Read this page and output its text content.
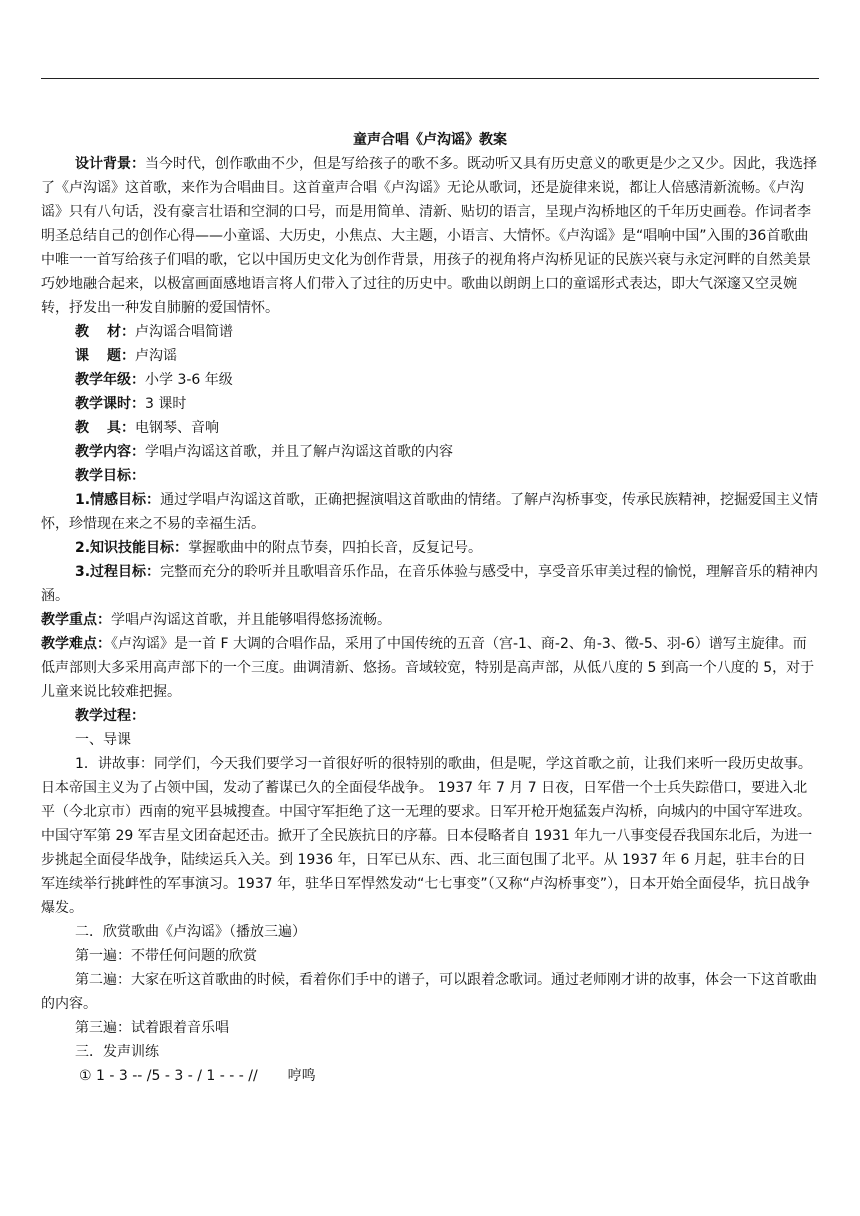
童声合唱《卢沟谣》教案

设计背景：当今时代，创作歌曲不少，但是写给孩子的歌不多。既动听又具有历史意义的歌更是少之又少。因此，我选择了《卢沟谣》这首歌，来作为合唱曲目。这首童声合唱《卢沟谣》无论从歌词，还是旋律来说，都让人倍感清新流畅。《卢沟谣》只有八句话，没有豪言壮语和空洞的口号，而是用简单、清新、贴切的语言，呈现卢沟桥地区的千年历史画卷。作词者李明圣总结自己的创作心得——小童谣、大历史，小焦点、大主题，小语言、大情怀。《卢沟谣》是“唱响中国”入围的36首歌曲中唯一一首写给孩子们唱的歌，它以中国历史文化为创作背景，用孩子的视角将卢沟桥见证的民族兴衰与永定河畔的自然美景巧妙地融合起来，以极富画面感地语言将人们带入了过往的历史中。歌曲以朗朗上口的童谣形式表达，即大气深邃又空灵婉转，抒发出一种发自肺腑的爱国情怀。

教 材：卢沟谣合唱简谱

课 题：卢沟谣

教学年级：小学 3-6 年级

教学课时：3 课时

教 具：电钢琴、音响

教学内容：学唱卢沟谣这首歌，并且了解卢沟谣这首歌的内容

教学目标：

1.情感目标：通过学唱卢沟谣这首歌，正确把握演唱这首歌曲的情绪。了解卢沟桥事变，传承民族精神，挖掘爱国主义情怀，珍惜现在来之不易的幸福生活。

2.知识技能目标：掌握歌曲中的附点节奏，四拍长音，反复记号。

3.过程目标：完整而充分的聆听并且歌唱音乐作品，在音乐体验与感受中，享受音乐审美过程的愉悦，理解音乐的精神内涵。

教学重点：学唱卢沟谣这首歌，并且能够唱得悠扬流畅。

教学难点：《卢沟谣》是一首 F 大调的合唱作品，采用了中国传统的五音（宫-1、商-2、角-3、徵-5、羽-6）谱写主旋律。而低声部则大多采用高声部下的一个三度。曲调清新、悠扬。音域较宽，特别是高声部，从低八度的 5 到高一个八度的 5，对于儿童来说比较难把握。

教学过程：

一、导课

1．讲故事：同学们，今天我们要学习一首很好听的很特别的歌曲，但是呢，学这首歌之前，让我们来听一段历史故事。日本帝国主义为了占领中国，发动了蓄谋已久的全面侵华战争。 1937 年 7 月 7 日夜，日军借一个士兵失踪借口，要进入北平（今北京市）西南的宛平县城搜查。中国守军拒绝了这一无理的要求。日军开枪开炮猛轰卢沟桥，向城内的中国守军进攻。中国守军第 29 军吉星文团奋起还击。掀开了全民族抗日的序幕。日本侵略者自 1931 年九一八事变侵吞我国东北后，为进一步挑起全面侵华战争，陆续运兵入关。到 1936 年，日军已从东、西、北三面包围了北平。从 1937 年 6 月起，驻丰台的日军连续举行挑衅性的军事演习。1937 年，驻华日军悍然发动“七七事变”（又称“卢沟桥事变”），日本开始全面侵华，抗日战争爆发。

二．欣赏歌曲《卢沟谣》（播放三遍）

第一遍：不带任何问题的欣赏

第二遍：大家在听这首歌曲的时候，看着你们手中的谱子，可以跟着念歌词。通过老师刚才讲的故事，体会一下这首歌曲的内容。

第三遍：试着跟着音乐唱

三．发声训练

① 1 - 3 -- /5 - 3 - / 1 - - - // 哼鸣
